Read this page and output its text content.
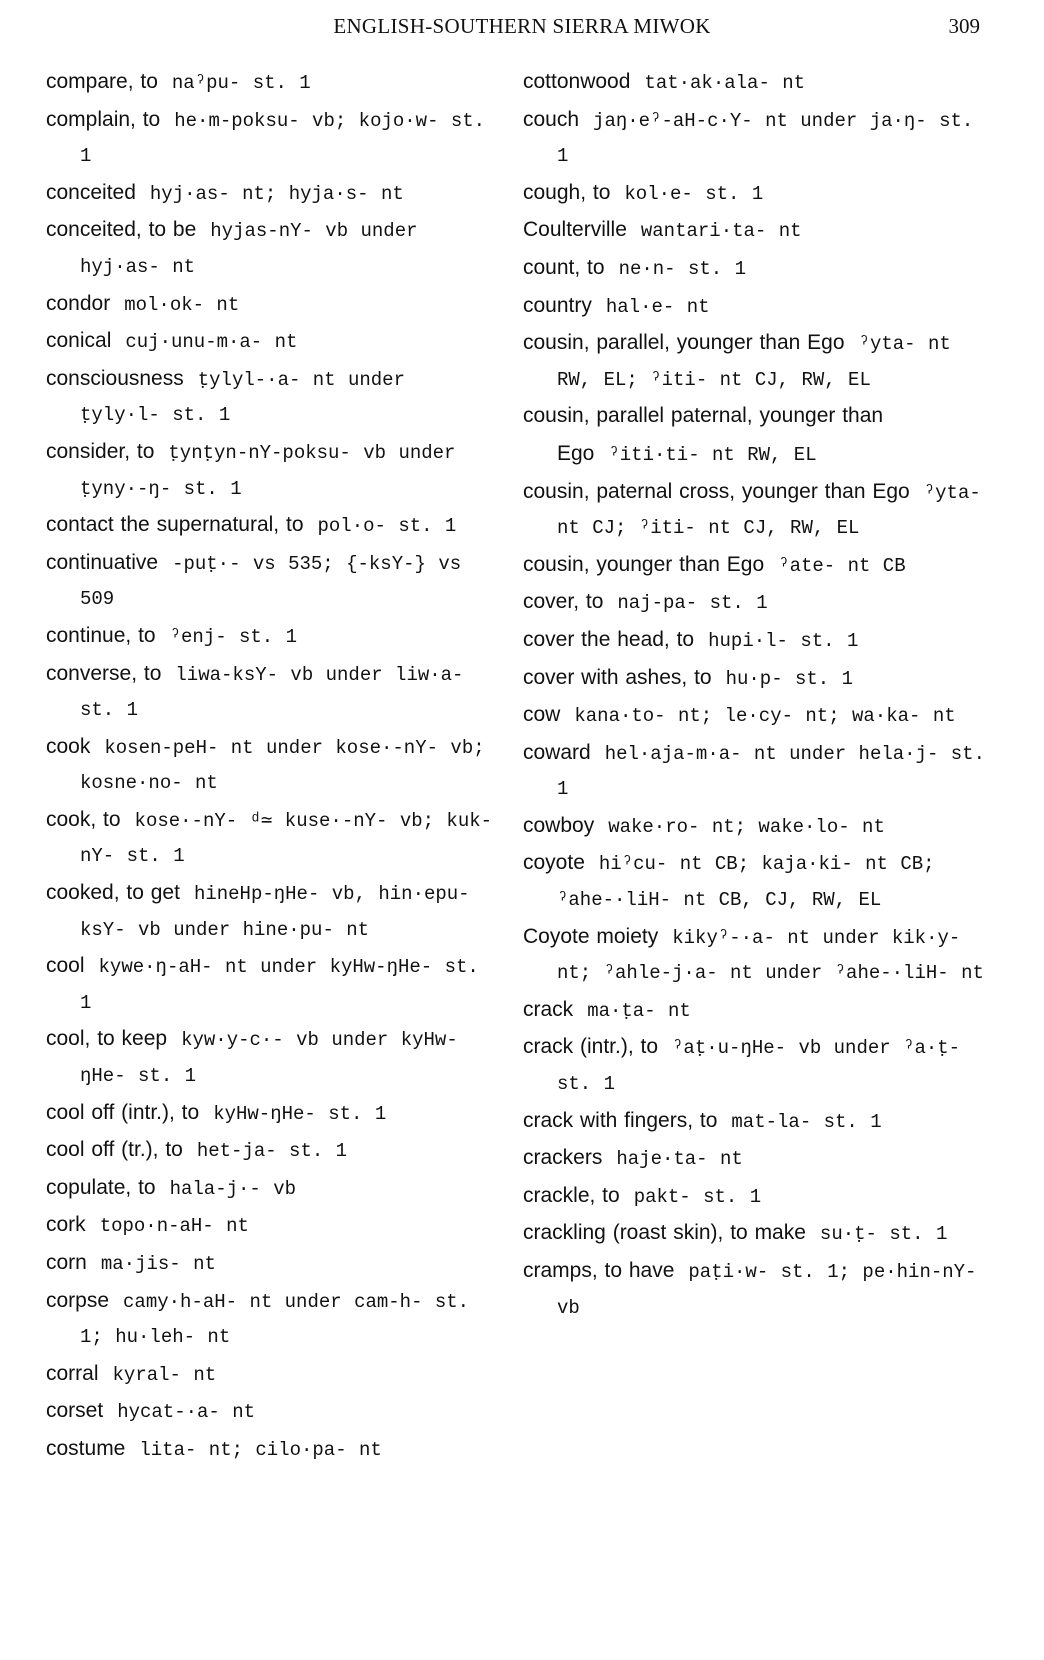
ENGLISH-SOUTHERN SIERRA MIWOK	309
compare, to naˀpu- st. 1
complain, to he·m-poksu- vb; kojo·w- st. 1
conceited hyj·as- nt; hyja·s- nt
conceited, to be hyjas-nY- vb under hyj·as- nt
condor mol·ok- nt
conical cuj·unu-m·a- nt
consciousness ṭylyl-·a- nt under ṭyly·l- st. 1
consider, to ṭynṭyn-nY-poksu- vb under ṭyny·-ŋ- st. 1
contact the supernatural, to pol·o- st. 1
continuative -puṭ·- vs 535; {-ksY-} vs 509
continue, to ˀenj- st. 1
converse, to liwa-ksY- vb under liw·a- st. 1
cook kosen-peH- nt under kose·-nY- vb; kosne·no- nt
cook, to kose·-nY- ᵈ≃ kuse·-nY- vb; kuk-nY- st. 1
cooked, to get hineHp-ŋHe- vb, hin·epu-ksY- vb under hine·pu- nt
cool kywe·ŋ-aH- nt under kyHw-ŋHe- st. 1
cool, to keep kyw·y-c·- vb under kyHw-ŋHe- st. 1
cool off (intr.), to kyHw-ŋHe- st. 1
cool off (tr.), to het-ja- st. 1
copulate, to hala-j·- vb
cork topo·n-aH- nt
corn ma·jis- nt
corpse camy·h-aH- nt under cam-h- st. 1; hu·leh- nt
corral kyral- nt
corset hycat-·a- nt
costume lita- nt; cilo·pa- nt
cottonwood tat·ak·ala- nt
couch jaŋ·eˀ-aH-c·Y- nt under ja·ŋ- st. 1
cough, to kol·e- st. 1
Coulterville wantari·ta- nt
count, to ne·n- st. 1
country hal·e- nt
cousin, parallel, younger than Ego ˀyta- nt RW, EL; ˀiti- nt CJ, RW, EL
cousin, parallel paternal, younger than Ego ˀiti·ti- nt RW, EL
cousin, paternal cross, younger than Ego ˀyta- nt CJ; ˀiti- nt CJ, RW, EL
cousin, younger than Ego ˀate- nt CB
cover, to naj-pa- st. 1
cover the head, to hupi·l- st. 1
cover with ashes, to hu·p- st. 1
cow kana·to- nt; le·cy- nt; wa·ka- nt
coward hel·aja-m·a- nt under hela·j- st. 1
cowboy wake·ro- nt; wake·lo- nt
coyote hiˀcu- nt CB; kaja·ki- nt CB; ˀahe-·liH- nt CB, CJ, RW, EL
Coyote moiety kikyˀ-·a- nt under kik·y- nt; ˀahle-j·a- nt under ˀahe-·liH- nt
crack ma·ṭa- nt
crack (intr.), to ˀaṭ·u-ŋHe- vb under ˀa·ṭ- st. 1
crack with fingers, to mat-la- st. 1
crackers haje·ta- nt
crackle, to pakt- st. 1
crackling (roast skin), to make su·ṭ- st. 1
cramps, to have paṭi·w- st. 1; pe·hin-nY- vb
